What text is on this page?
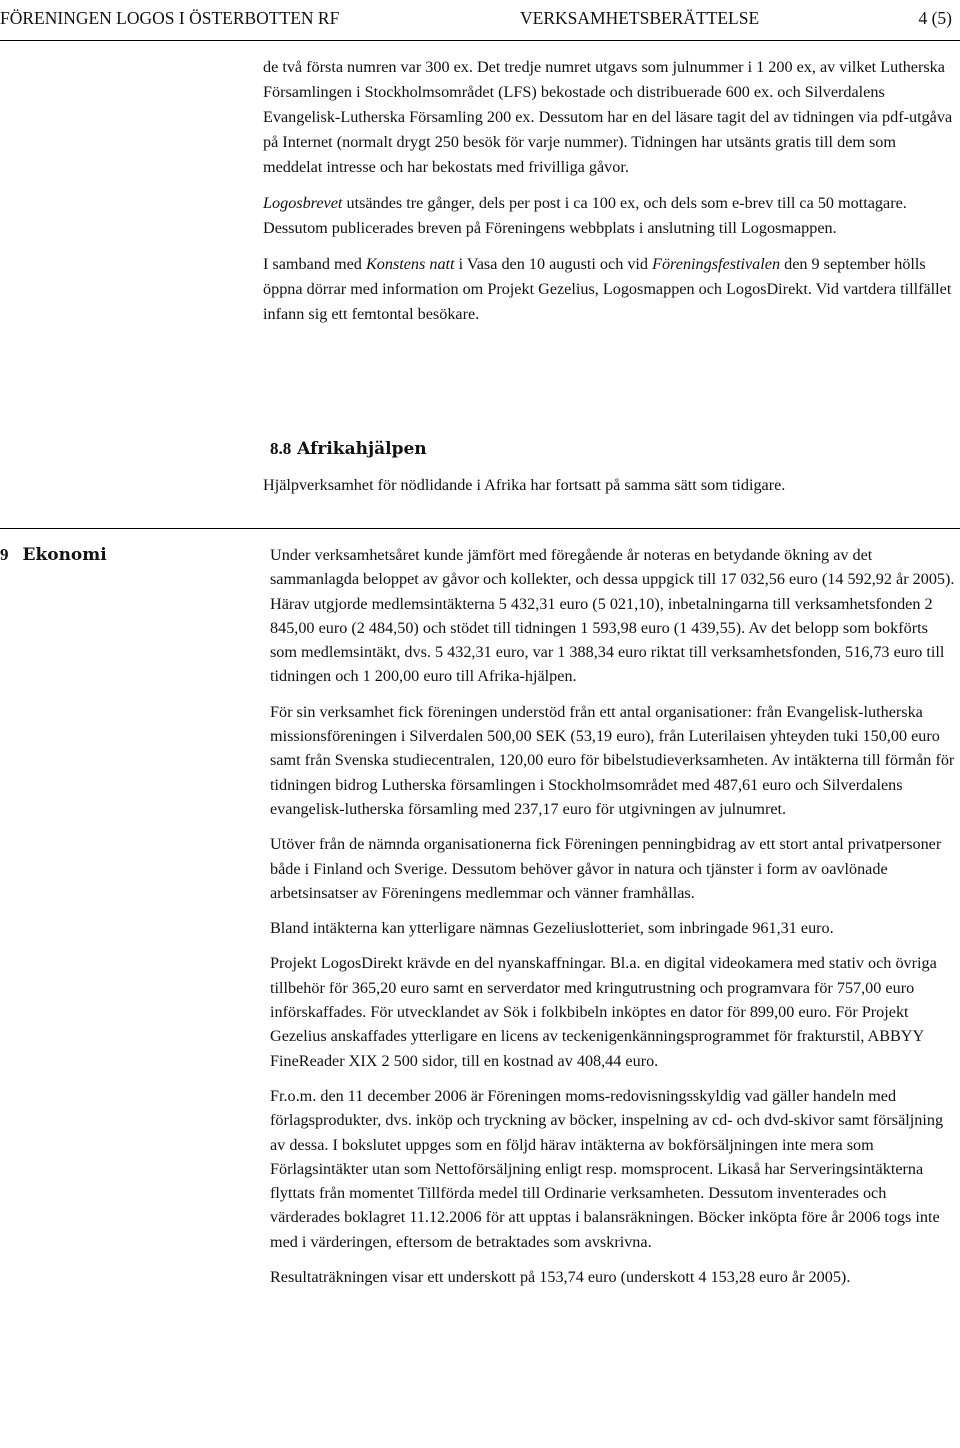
FÖRENINGEN LOGOS I ÖSTERBOTTEN RF	VERKSAMHETSBERÄTTELSE	4 (5)

de två första numren var 300 ex. Det tredje numret utgavs som julnummer i 1 200 ex, av vilket Lutherska Församlingen i Stockholmsområdet (LFS) bekostade och distribuerade 600 ex. och Silverdalens Evangelisk-Lutherska Församling 200 ex. Dessutom har en del läsare tagit del av tidningen via pdf-utgåva på Internet (normalt drygt 250 besök för varje nummer). Tidningen har utsänts gratis till dem som meddelat intresse och har bekostats med frivilliga gåvor.

Logosbrevet utsändes tre gånger, dels per post i ca 100 ex, och dels som e-brev till ca 50 mottagare. Dessutom publicerades breven på Föreningens webbplats i anslutning till Logosmappen.

I samband med Konstens natt i Vasa den 10 augusti och vid Föreningsfestivalen den 9 september hölls öppna dörrar med information om Projekt Gezelius, Logosmappen och LogosDirekt. Vid vartdera tillfället infann sig ett femtontal besökare.

8.8 Afrikahjälpen

Hjälpverksamhet för nödlidande i Afrika har fortsatt på samma sätt som tidigare.

9 Ekonomi	Under verksamhetsåret kunde jämfört med föregående år noteras en betydande ökning av det sammanlagda beloppet av gåvor och kollekter, och dessa uppgick till 17 032,56 euro (14 592,92 år 2005). Härav utgjorde medlemsintäkterna 5 432,31 euro (5 021,10), inbetalningarna till verksamhetsfonden 2 845,00 euro (2 484,50) och stödet till tidningen 1 593,98 euro (1 439,55). Av det belopp som bokförts som medlemsintäkt, dvs. 5 432,31 euro, var 1 388,34 euro riktat till verksamhetsfonden, 516,73 euro till tidningen och 1 200,00 euro till Afrika-hjälpen.

För sin verksamhet fick föreningen understöd från ett antal organisationer: från Evangelisk-lutherska missionsföreningen i Silverdalen 500,00 SEK (53,19 euro), från Luterilaisen yhteyden tuki 150,00 euro samt från Svenska studiecentralen, 120,00 euro för bibelstudieverksamheten. Av intäkterna till förmån för tidningen bidrog Lutherska församlingen i Stockholmsområdet med 487,61 euro och Silverdalens evangelisk-lutherska församling med 237,17 euro för utgivningen av julnumret.

Utöver från de nämnda organisationerna fick Föreningen penningbidrag av ett stort antal privatpersoner både i Finland och Sverige. Dessutom behöver gåvor in natura och tjänster i form av oavlönade arbetsinsatser av Föreningens medlemmar och vänner framhållas.

Bland intäkterna kan ytterligare nämnas Gezeliuslotteriet, som inbringade 961,31 euro.

Projekt LogosDirekt krävde en del nyanskaffningar. Bl.a. en digital videokamera med stativ och övriga tillbehör för 365,20 euro samt en serverdator med kringutrustning och programvara för 757,00 euro införskaffades. För utvecklandet av Sök i folkbibeln inköptes en dator för 899,00 euro. För Projekt Gezelius anskaffades ytterligare en licens av teckenigenkänningsprogrammet för frakturstil, ABBYY FineReader XIX 2 500 sidor, till en kostnad av 408,44 euro.

Fr.o.m. den 11 december 2006 är Föreningen moms-redovisningsskyldig vad gäller handeln med förlagsprodukter, dvs. inköp och tryckning av böcker, inspelning av cd- och dvd-skivor samt försäljning av dessa. I bokslutet uppges som en följd härav intäkterna av bokförsäljningen inte mera som Förlagsintäkter utan som Nettoförsäljning enligt resp. momsprocent. Likaså har Serveringsintäkterna flyttats från momentet Tillförda medel till Ordinarie verksamheten. Dessutom inventerades och värderades boklagret 11.12.2006 för att upptas i balansräkningen. Böcker inköpta före år 2006 togs inte med i värderingen, eftersom de betraktades som avskrivna.

Resultaträkningen visar ett underskott på 153,74 euro (underskott 4 153,28 euro år 2005).
